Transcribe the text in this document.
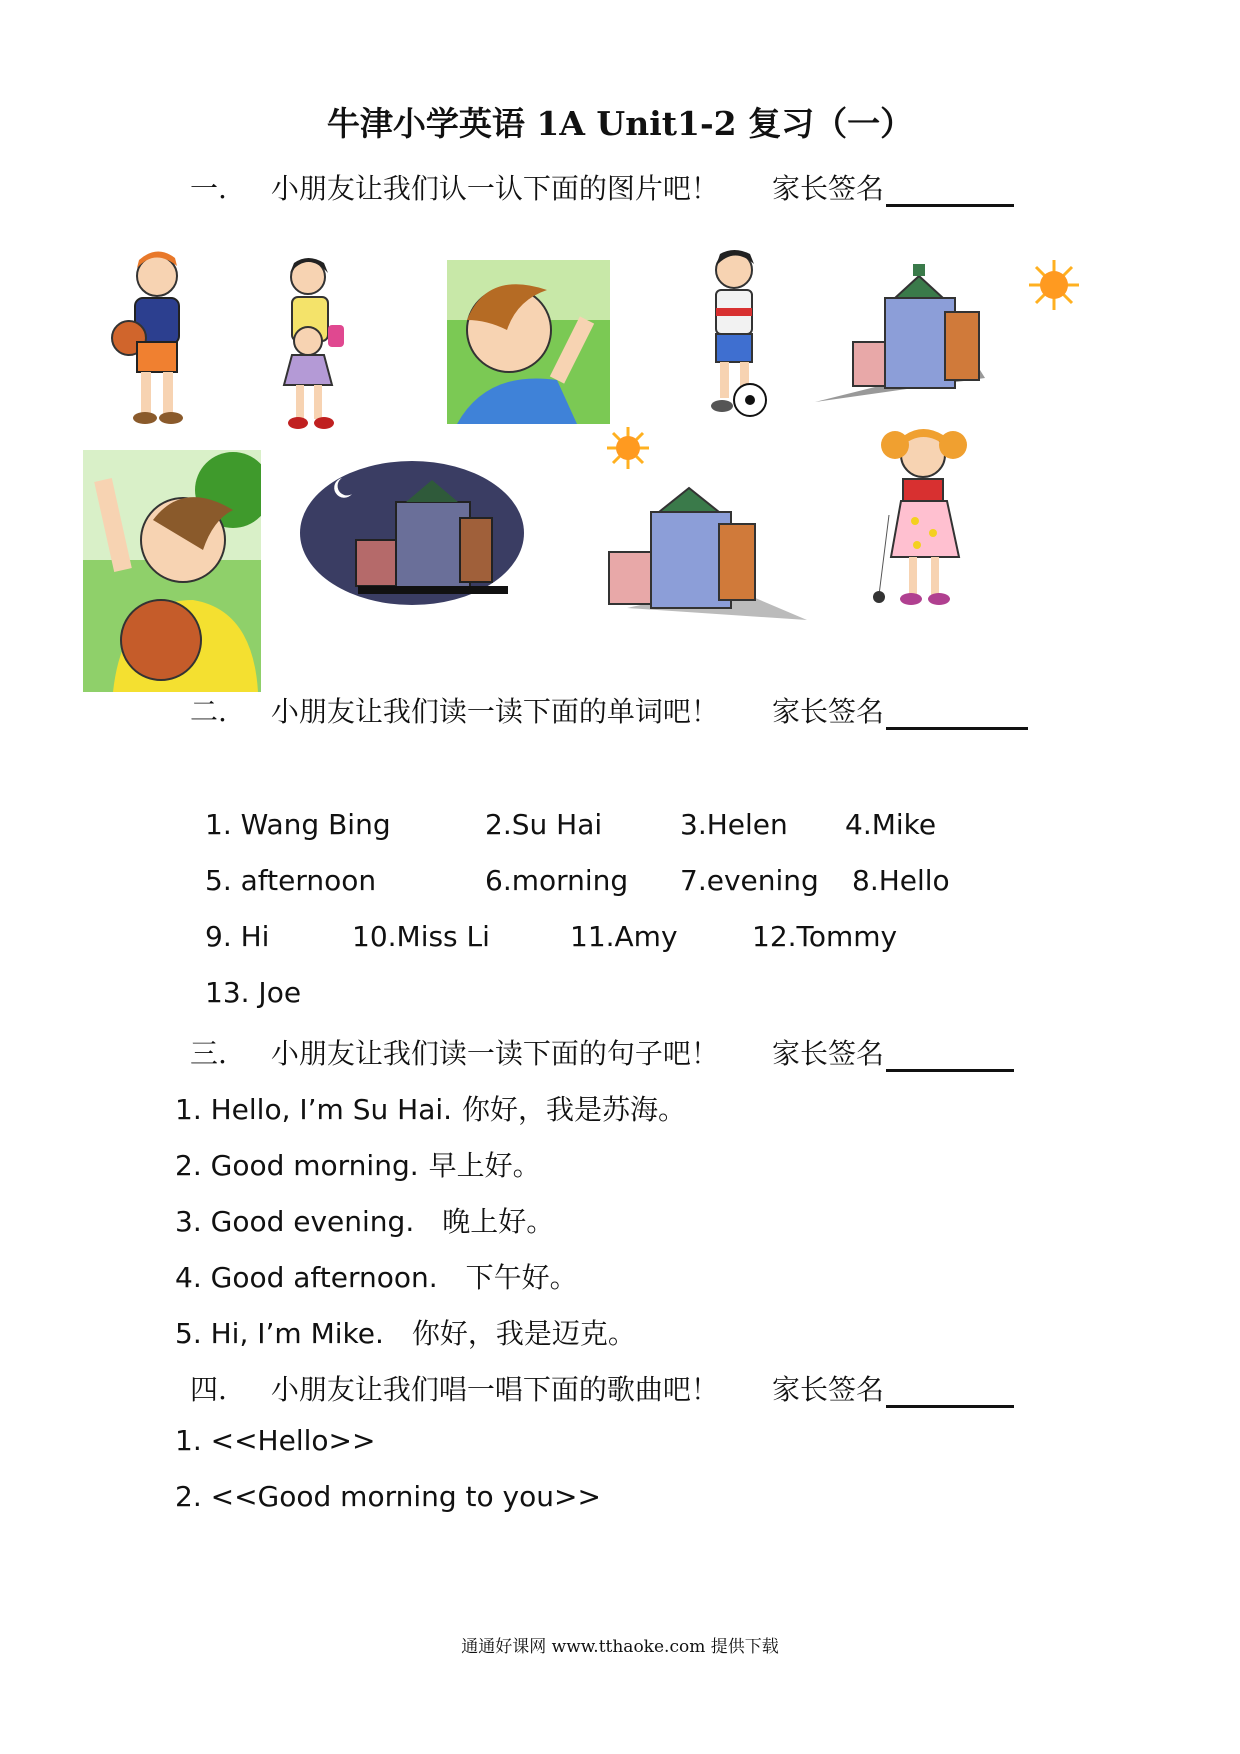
牛津小学英语 1A Unit1-2 复习（一）
一. 小朋友让我们认一认下面的图片吧！ 家长签名
二. 小朋友让我们读一读下面的单词吧！ 家长签名
1. Wang Bing	2.Su Hai	3.Helen 4.Mike
5. afternoon	6.morning 7.evening 8.Hello
9. Hi	10.Miss Li	11.Amy	12.Tommy
13. Joe
三. 小朋友让我们读一读下面的句子吧！ 家长签名
1. Hello, I’m Su Hai. 你好，我是苏海。
2. Good morning. 早上好。
3. Good evening. 晚上好。
4. Good afternoon. 下午好。
5. Hi, I’m Mike. 你好，我是迈克。
四. 小朋友让我们唱一唱下面的歌曲吧！ 家长签名
1. <<Hello>>
2. <<Good morning to you>>
通通好课网 www.tthaoke.com 提供下载
